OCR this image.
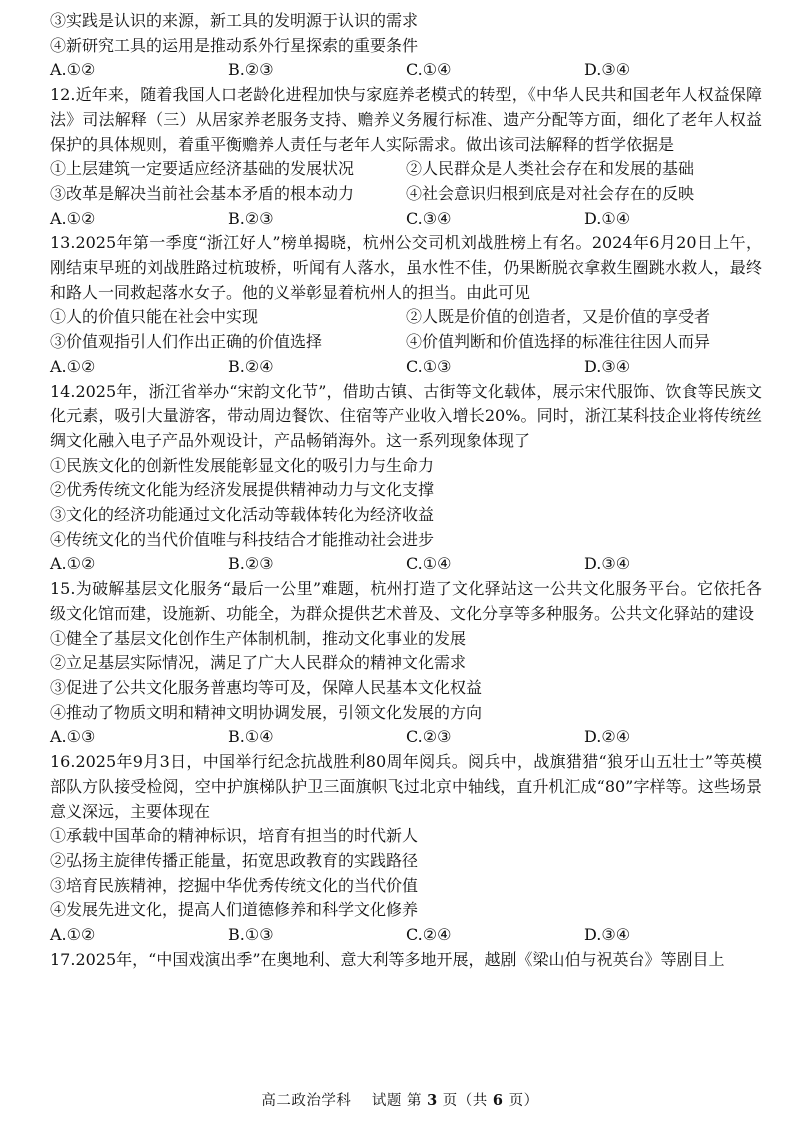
③实践是认识的来源，新工具的发明源于认识的需求
④新研究工具的运用是推动系外行星探索的重要条件
A.①②	B.②③	C.①④	D.③④
12.近年来，随着我国人口老龄化进程加快与家庭养老模式的转型，《中华人民共和国老年人权益保障法》司法解释（三）从居家养老服务支持、赡养义务履行标准、遗产分配等方面，细化了老年人权益保护的具体规则，着重平衡赡养人责任与老年人实际需求。做出该司法解释的哲学依据是
①上层建筑一定要适应经济基础的发展状况	②人民群众是人类社会存在和发展的基础
③改革是解决当前社会基本矛盾的根本动力	④社会意识归根到底是对社会存在的反映
A.①②	B.②③	C.③④	D.①④
13.2025年第一季度“浙江好人”榜单揭晓，杭州公交司机刘战胜榜上有名。2024年6月20日上午，刚结束早班的刘战胜路过杭玻桥，听闻有人落水，虽水性不佳，仍果断脱衣拿救生圈跳水救人，最终和路人一同救起落水女子。他的义举彰显着杭州人的担当。由此可见
①人的价值只能在社会中实现	②人既是价值的创造者，又是价值的享受者
③价值观指引人们作出正确的价值选择	④价值判断和价值选择的标准往往因人而异
A.①②	B.②④	C.①③	D.③④
14.2025年，浙江省举办“宋韵文化节”，借助古镇、古街等文化载体，展示宋代服饰、饮食等民族文化元素，吸引大量游客，带动周边餐饮、住宿等产业收入增长20%。同时，浙江某科技企业将传统丝绸文化融入电子产品外观设计，产品畅销海外。这一系列现象体现了
①民族文化的创新性发展能彰显文化的吸引力与生命力
②优秀传统文化能为经济发展提供精神动力与文化支撑
③文化的经济功能通过文化活动等载体转化为经济收益
④传统文化的当代价值唯与科技结合才能推动社会进步
A.①②	B.②③	C.①④	D.③④
15.为破解基层文化服务“最后一公里”难题，杭州打造了文化驿站这一公共文化服务平台。它依托各级文化馆而建，设施新、功能全，为群众提供艺术普及、文化分享等多种服务。公共文化驿站的建设
①健全了基层文化创作生产体制机制，推动文化事业的发展
②立足基层实际情况，满足了广大人民群众的精神文化需求
③促进了公共文化服务普惠均等可及，保障人民基本文化权益
④推动了物质文明和精神文明协调发展，引领文化发展的方向
A.①③	B.①④	C.②③	D.②④
16.2025年9月3日，中国举行纪念抗战胜利80周年阅兵。阅兵中，战旗猎猎“狼牙山五壮士”等英模部队方队接受检阅，空中护旗梯队护卫三面旗帜飞过北京中轴线，直升机汇成“80”字样等。这些场景意义深远，主要体现在
①承载中国革命的精神标识，培育有担当的时代新人
②弘扬主旋律传播正能量，拓宽思政教育的实践路径
③培育民族精神，挖掘中华优秀传统文化的当代价值
④发展先进文化，提高人们道德修养和科学文化修养
A.①②	B.①③	C.②④	D.③④
17.2025年，“中国戏演出季”在奥地利、意大利等多地开展，越剧《梁山伯与祝英台》等剧目上
高二政治学科 试题 第 3 页（共 6 页）
